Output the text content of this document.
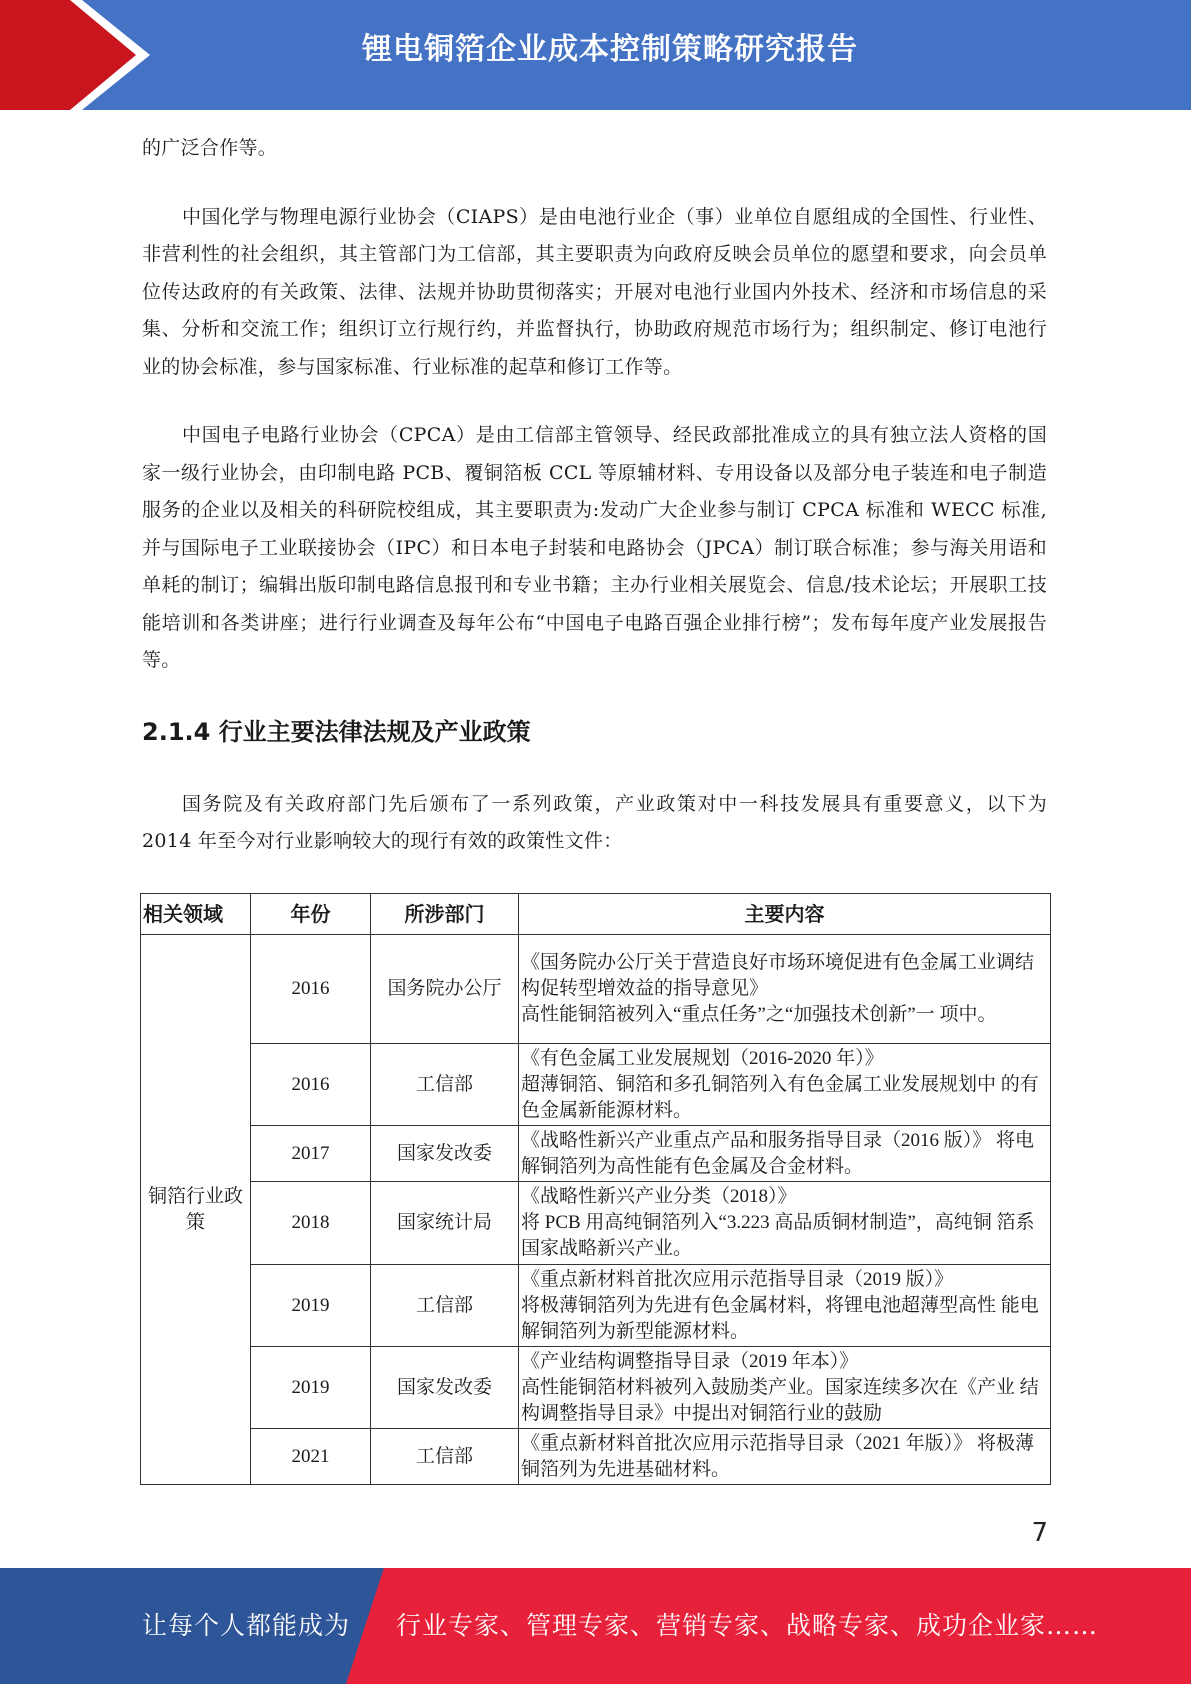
锂电铜箔企业成本控制策略研究报告

的广泛合作等。

中国化学与物理电源行业协会（CIAPS）是由电池行业企（事）业单位自愿组成的全国性、行业性、非营利性的社会组织，其主管部门为工信部，其主要职责为向政府反映会员单位的愿望和要求，向会员单位传达政府的有关政策、法律、法规并协助贯彻落实；开展对电池行业国内外技术、经济和市场信息的采集、分析和交流工作；组织订立行规行约，并监督执行，协助政府规范市场行为；组织制定、修订电池行业的协会标准，参与国家标准、行业标准的起草和修订工作等。

中国电子电路行业协会（CPCA）是由工信部主管领导、经民政部批准成立的具有独立法人资格的国家一级行业协会，由印制电路 PCB、覆铜箔板 CCL 等原辅材料、专用设备以及部分电子装连和电子制造服务的企业以及相关的科研院校组成，其主要职责为:发动广大企业参与制订 CPCA 标准和 WECC 标准,并与国际电子工业联接协会（IPC）和日本电子封装和电路协会（JPCA）制订联合标准；参与海关用语和单耗的制订；编辑出版印制电路信息报刊和专业书籍；主办行业相关展览会、信息/技术论坛；开展职工技能培训和各类讲座；进行行业调查及每年公布“中国电子电路百强企业排行榜”；发布每年度产业发展报告等。

2.1.4 行业主要法律法规及产业政策

国务院及有关政府部门先后颁布了一系列政策，产业政策对中一科技发展具有重要意义，以下为 2014 年至今对行业影响较大的现行有效的政策性文件：

相关领域	年份	所涉部门	主要内容
铜箔行业政策	2016	国务院办公厅	《国务院办公厅关于营造良好市场环境促进有色金属工业调结构促转型增效益的指导意见》
高性能铜箔被列入“重点任务”之“加强技术创新”一 项中。

	2016	工信部	《有色金属工业发展规划（2016-2020 年）》
超薄铜箔、铜箔和多孔铜箔列入有色金属工业发展规划中 的有色金属新能源材料。

	2017	国家发改委	《战略性新兴产业重点产品和服务指导目录（2016 版）》 将电解铜箔列为高性能有色金属及合金材料。

	2018	国家统计局	《战略性新兴产业分类（2018）》
将 PCB 用高纯铜箔列入“3.223 高品质铜材制造”，高纯铜 箔系国家战略新兴产业。

	2019	工信部	《重点新材料首批次应用示范指导目录（2019 版）》
将极薄铜箔列为先进有色金属材料，将锂电池超薄型高性 能电解铜箔列为新型能源材料。

	2019	国家发改委	《产业结构调整指导目录（2019 年本）》
高性能铜箔材料被列入鼓励类产业。国家连续多次在《产业 结构调整指导目录》中提出对铜箔行业的鼓励

	2021	工信部	《重点新材料首批次应用示范指导目录（2021 年版）》 将极薄铜箔列为先进基础材料。
7
让每个人都能成为 行业专家、管理专家、营销专家、战略专家、成功企业家……
